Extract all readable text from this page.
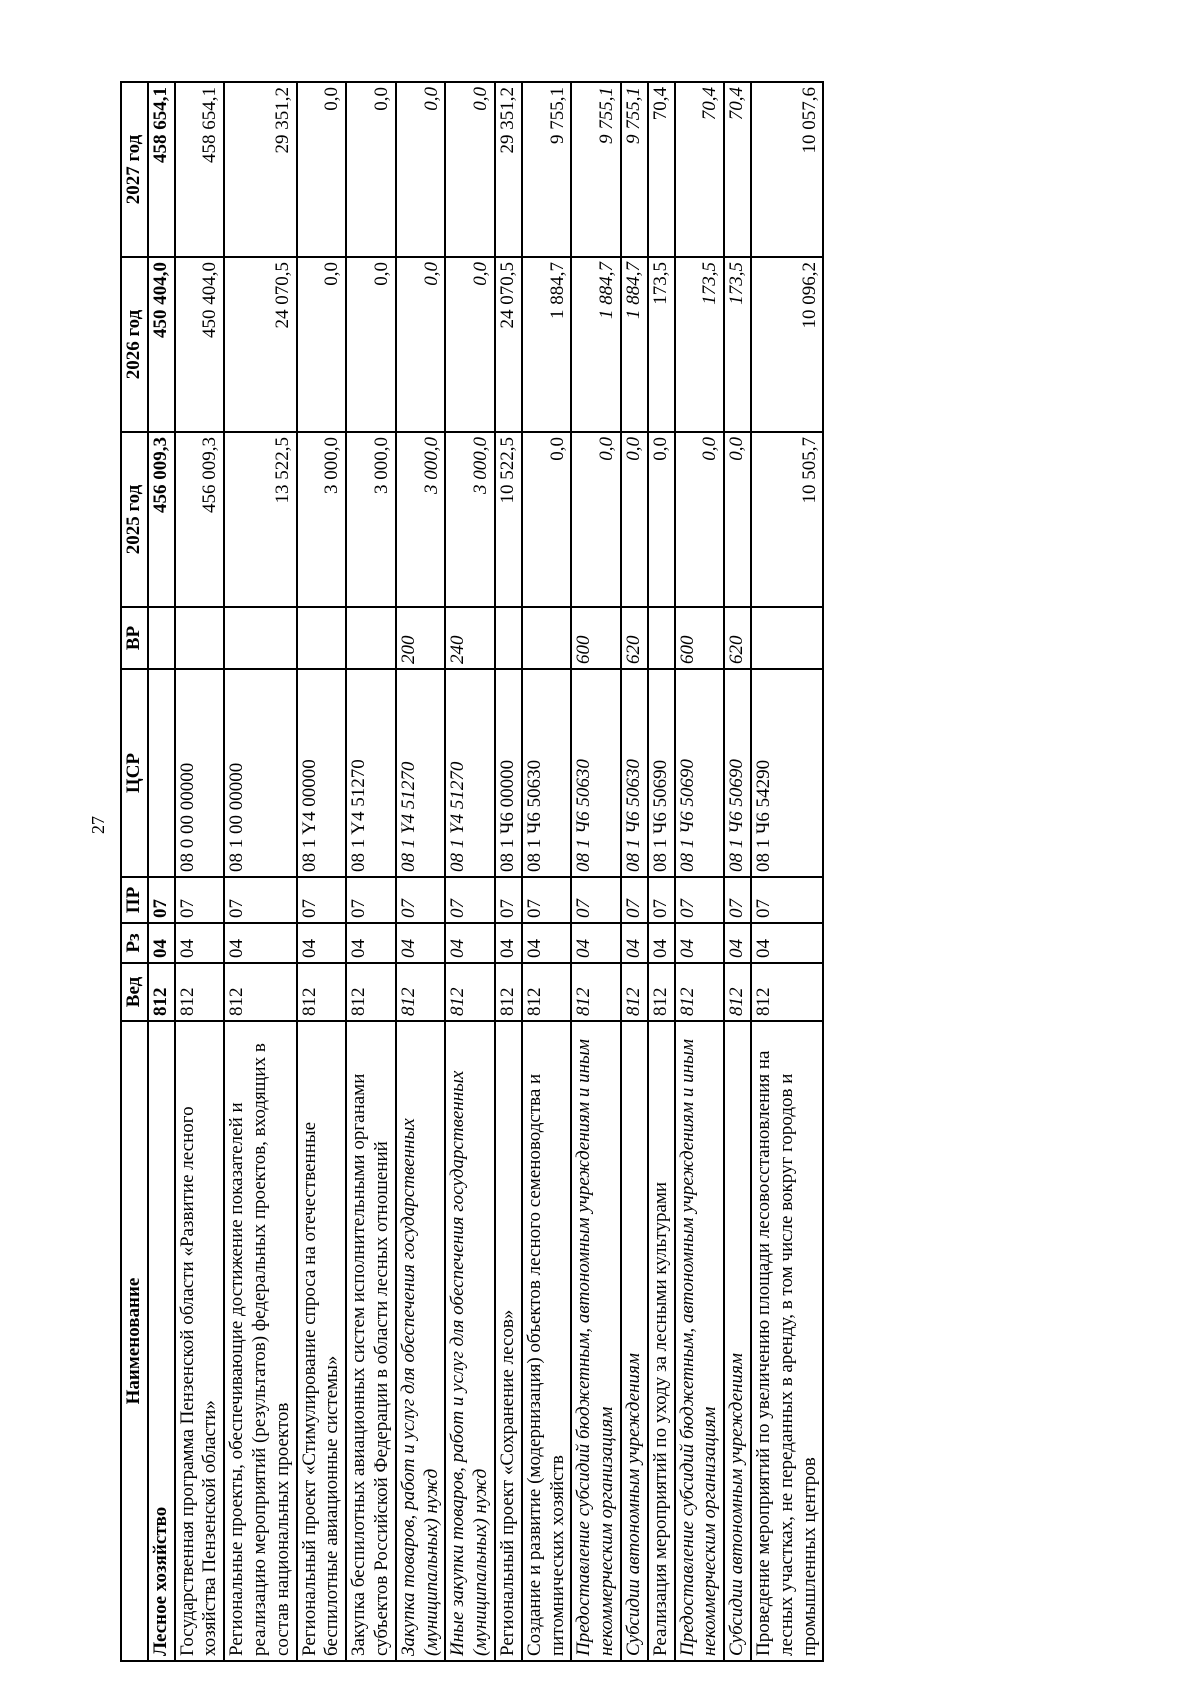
27
Наименование	Вед	Рз	ПР	ЦСР	ВР	2025 год	2026 год	2027 год
Лесное хозяйство	812	04	07			456 009,3	450 404,0	458 654,1
Государственная программа Пензенской области «Развитие лесного хозяйства Пензенской области»	812	04	07	08 0 00 00000		456 009,3	450 404,0	458 654,1
Региональные проекты, обеспечивающие достижение показателей и реализацию мероприятий (результатов) федеральных проектов, входящих в состав национальных проектов	812	04	07	08 1 00 00000		13 522,5	24 070,5	29 351,2
Региональный проект «Стимулирование спроса на отечественные беспилотные авиационные системы»	812	04	07	08 1 Y4 00000		3 000,0	0,0	0,0
Закупка беспилотных авиационных систем исполнительными органами субъектов Российской Федерации в области лесных отношений	812	04	07	08 1 Y4 51270		3 000,0	0,0	0,0
Закупка товаров, работ и услуг для обеспечения государственных (муниципальных) нужд	812	04	07	08 1 Y4 51270	200	3 000,0	0,0	0,0
Иные закупки товаров, работ и услуг для обеспечения государственных (муниципальных) нужд	812	04	07	08 1 Y4 51270	240	3 000,0	0,0	0,0
Региональный проект «Сохранение лесов»	812	04	07	08 1 Ч6 00000		10 522,5	24 070,5	29 351,2
Создание и развитие (модернизация) объектов лесного семеноводства и питомнических хозяйств	812	04	07	08 1 Ч6 50630		0,0	1 884,7	9 755,1
Предоставление субсидий бюджетным, автономным учреждениям и иным некоммерческим организациям	812	04	07	08 1 Ч6 50630	600	0,0	1 884,7	9 755,1
Субсидии автономным учреждениям	812	04	07	08 1 Ч6 50630	620	0,0	1 884,7	9 755,1
Реализация мероприятий по уходу за лесными культурами	812	04	07	08 1 Ч6 50690		0,0	173,5	70,4
Предоставление субсидий бюджетным, автономным учреждениям и иным некоммерческим организациям	812	04	07	08 1 Ч6 50690	600	0,0	173,5	70,4
Субсидии автономным учреждениям	812	04	07	08 1 Ч6 50690	620	0,0	173,5	70,4
Проведение мероприятий по увеличению площади лесовосстановления на лесных участках, не переданных в аренду, в том числе вокруг городов и промышленных центров	812	04	07	08 1 Ч6 54290		10 505,7	10 096,2	10 057,6
